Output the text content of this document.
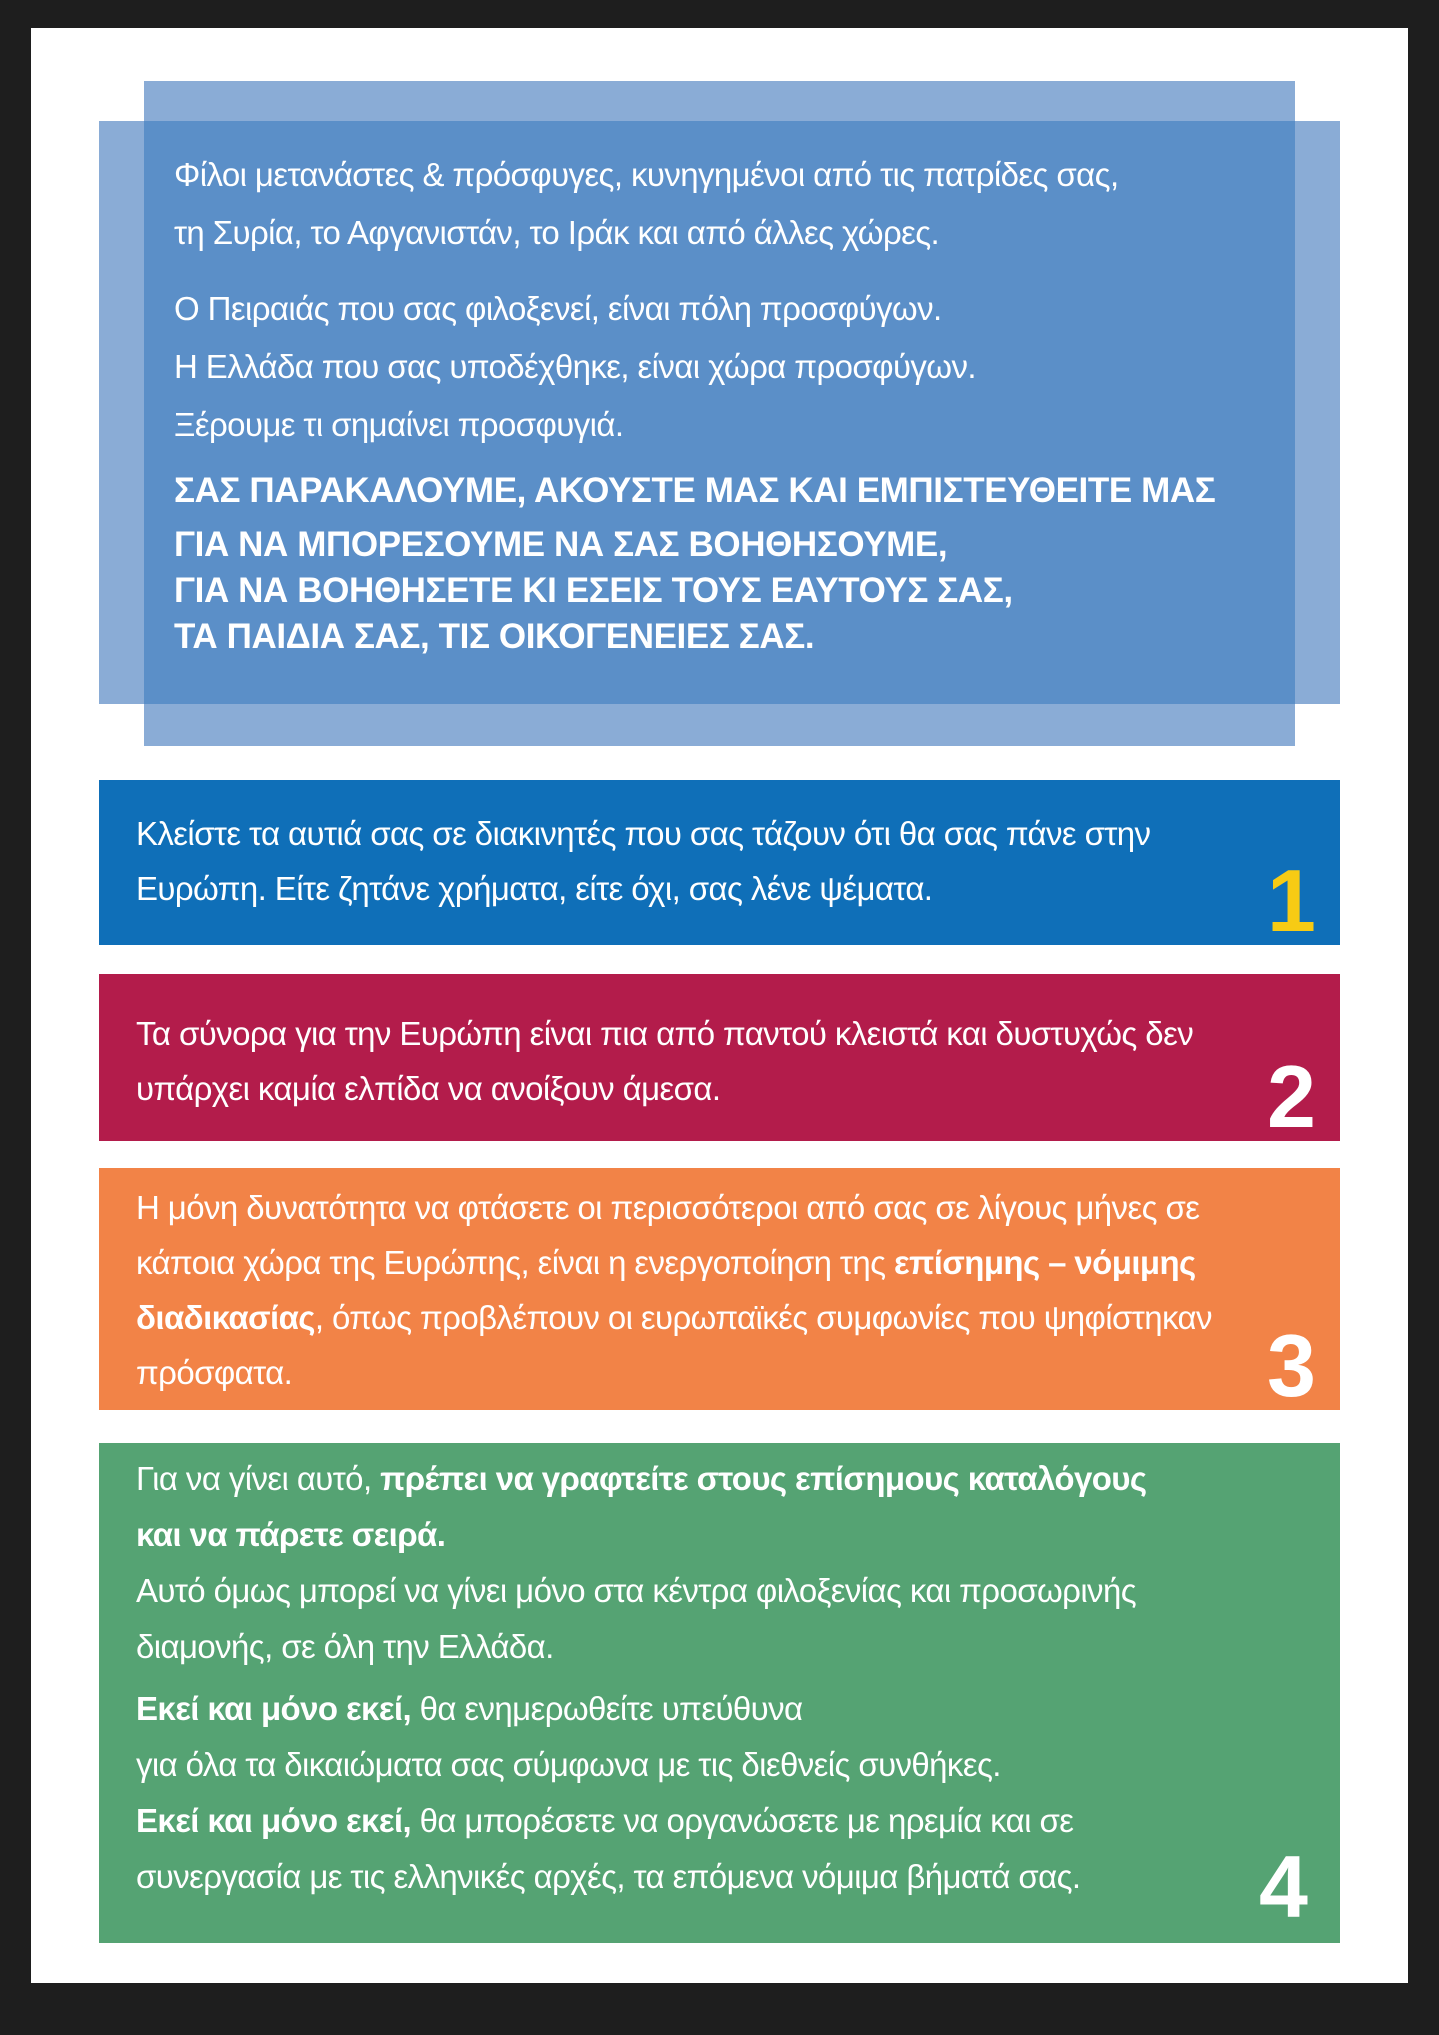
Φίλοι μετανάστες & πρόσφυγες, κυνηγημένοι από τις πατρίδες σας,
τη Συρία, το Αφγανιστάν, το Ιράκ και από άλλες χώρες.
Ο Πειραιάς που σας φιλοξενεί, είναι πόλη προσφύγων.
Η Ελλάδα που σας υποδέχθηκε, είναι χώρα προσφύγων.
Ξέρουμε τι σημαίνει προσφυγιά.
ΣΑΣ ΠΑΡΑΚΑΛΟΥΜΕ, ΑΚΟΥΣΤΕ ΜΑΣ ΚΑΙ ΕΜΠΙΣΤΕΥΘΕΙΤΕ ΜΑΣ
ΓΙΑ ΝΑ ΜΠΟΡΕΣΟΥΜΕ ΝΑ ΣΑΣ ΒΟΗΘΗΣΟΥΜΕ,
ΓΙΑ ΝΑ ΒΟΗΘΗΣΕΤΕ ΚΙ ΕΣΕΙΣ ΤΟΥΣ ΕΑΥΤΟΥΣ ΣΑΣ,
ΤΑ ΠΑΙΔΙΑ ΣΑΣ, ΤΙΣ ΟΙΚΟΓΕΝΕΙΕΣ ΣΑΣ.
Κλείστε τα αυτιά σας σε διακινητές που σας τάζουν ότι θα σας πάνε στην
Ευρώπη. Είτε ζητάνε χρήματα, είτε όχι, σας λένε ψέματα.	1
Τα σύνορα για την Ευρώπη είναι πια από παντού κλειστά και δυστυχώς δεν
υπάρχει καμία ελπίδα να ανοίξουν άμεσα.	2
Η μόνη δυνατότητα να φτάσετε οι περισσότεροι από σας σε λίγους μήνες σε
κάποια χώρα της Ευρώπης, είναι η ενεργοποίηση της επίσημης – νόμιμης
διαδικασίας, όπως προβλέπουν οι ευρωπαϊκές συμφωνίες που ψηφίστηκαν
πρόσφατα.	3
Για να γίνει αυτό, πρέπει να γραφτείτε στους επίσημους καταλόγους
και να πάρετε σειρά.
Αυτό όμως μπορεί να γίνει μόνο στα κέντρα φιλοξενίας και προσωρινής
διαμονής, σε όλη την Ελλάδα.
Εκεί και μόνο εκεί, θα ενημερωθείτε υπεύθυνα
για όλα τα δικαιώματα σας σύμφωνα με τις διεθνείς συνθήκες.
Εκεί και μόνο εκεί, θα μπορέσετε να οργανώσετε με ηρεμία και σε
συνεργασία με τις ελληνικές αρχές, τα επόμενα νόμιμα βήματά σας.	4
